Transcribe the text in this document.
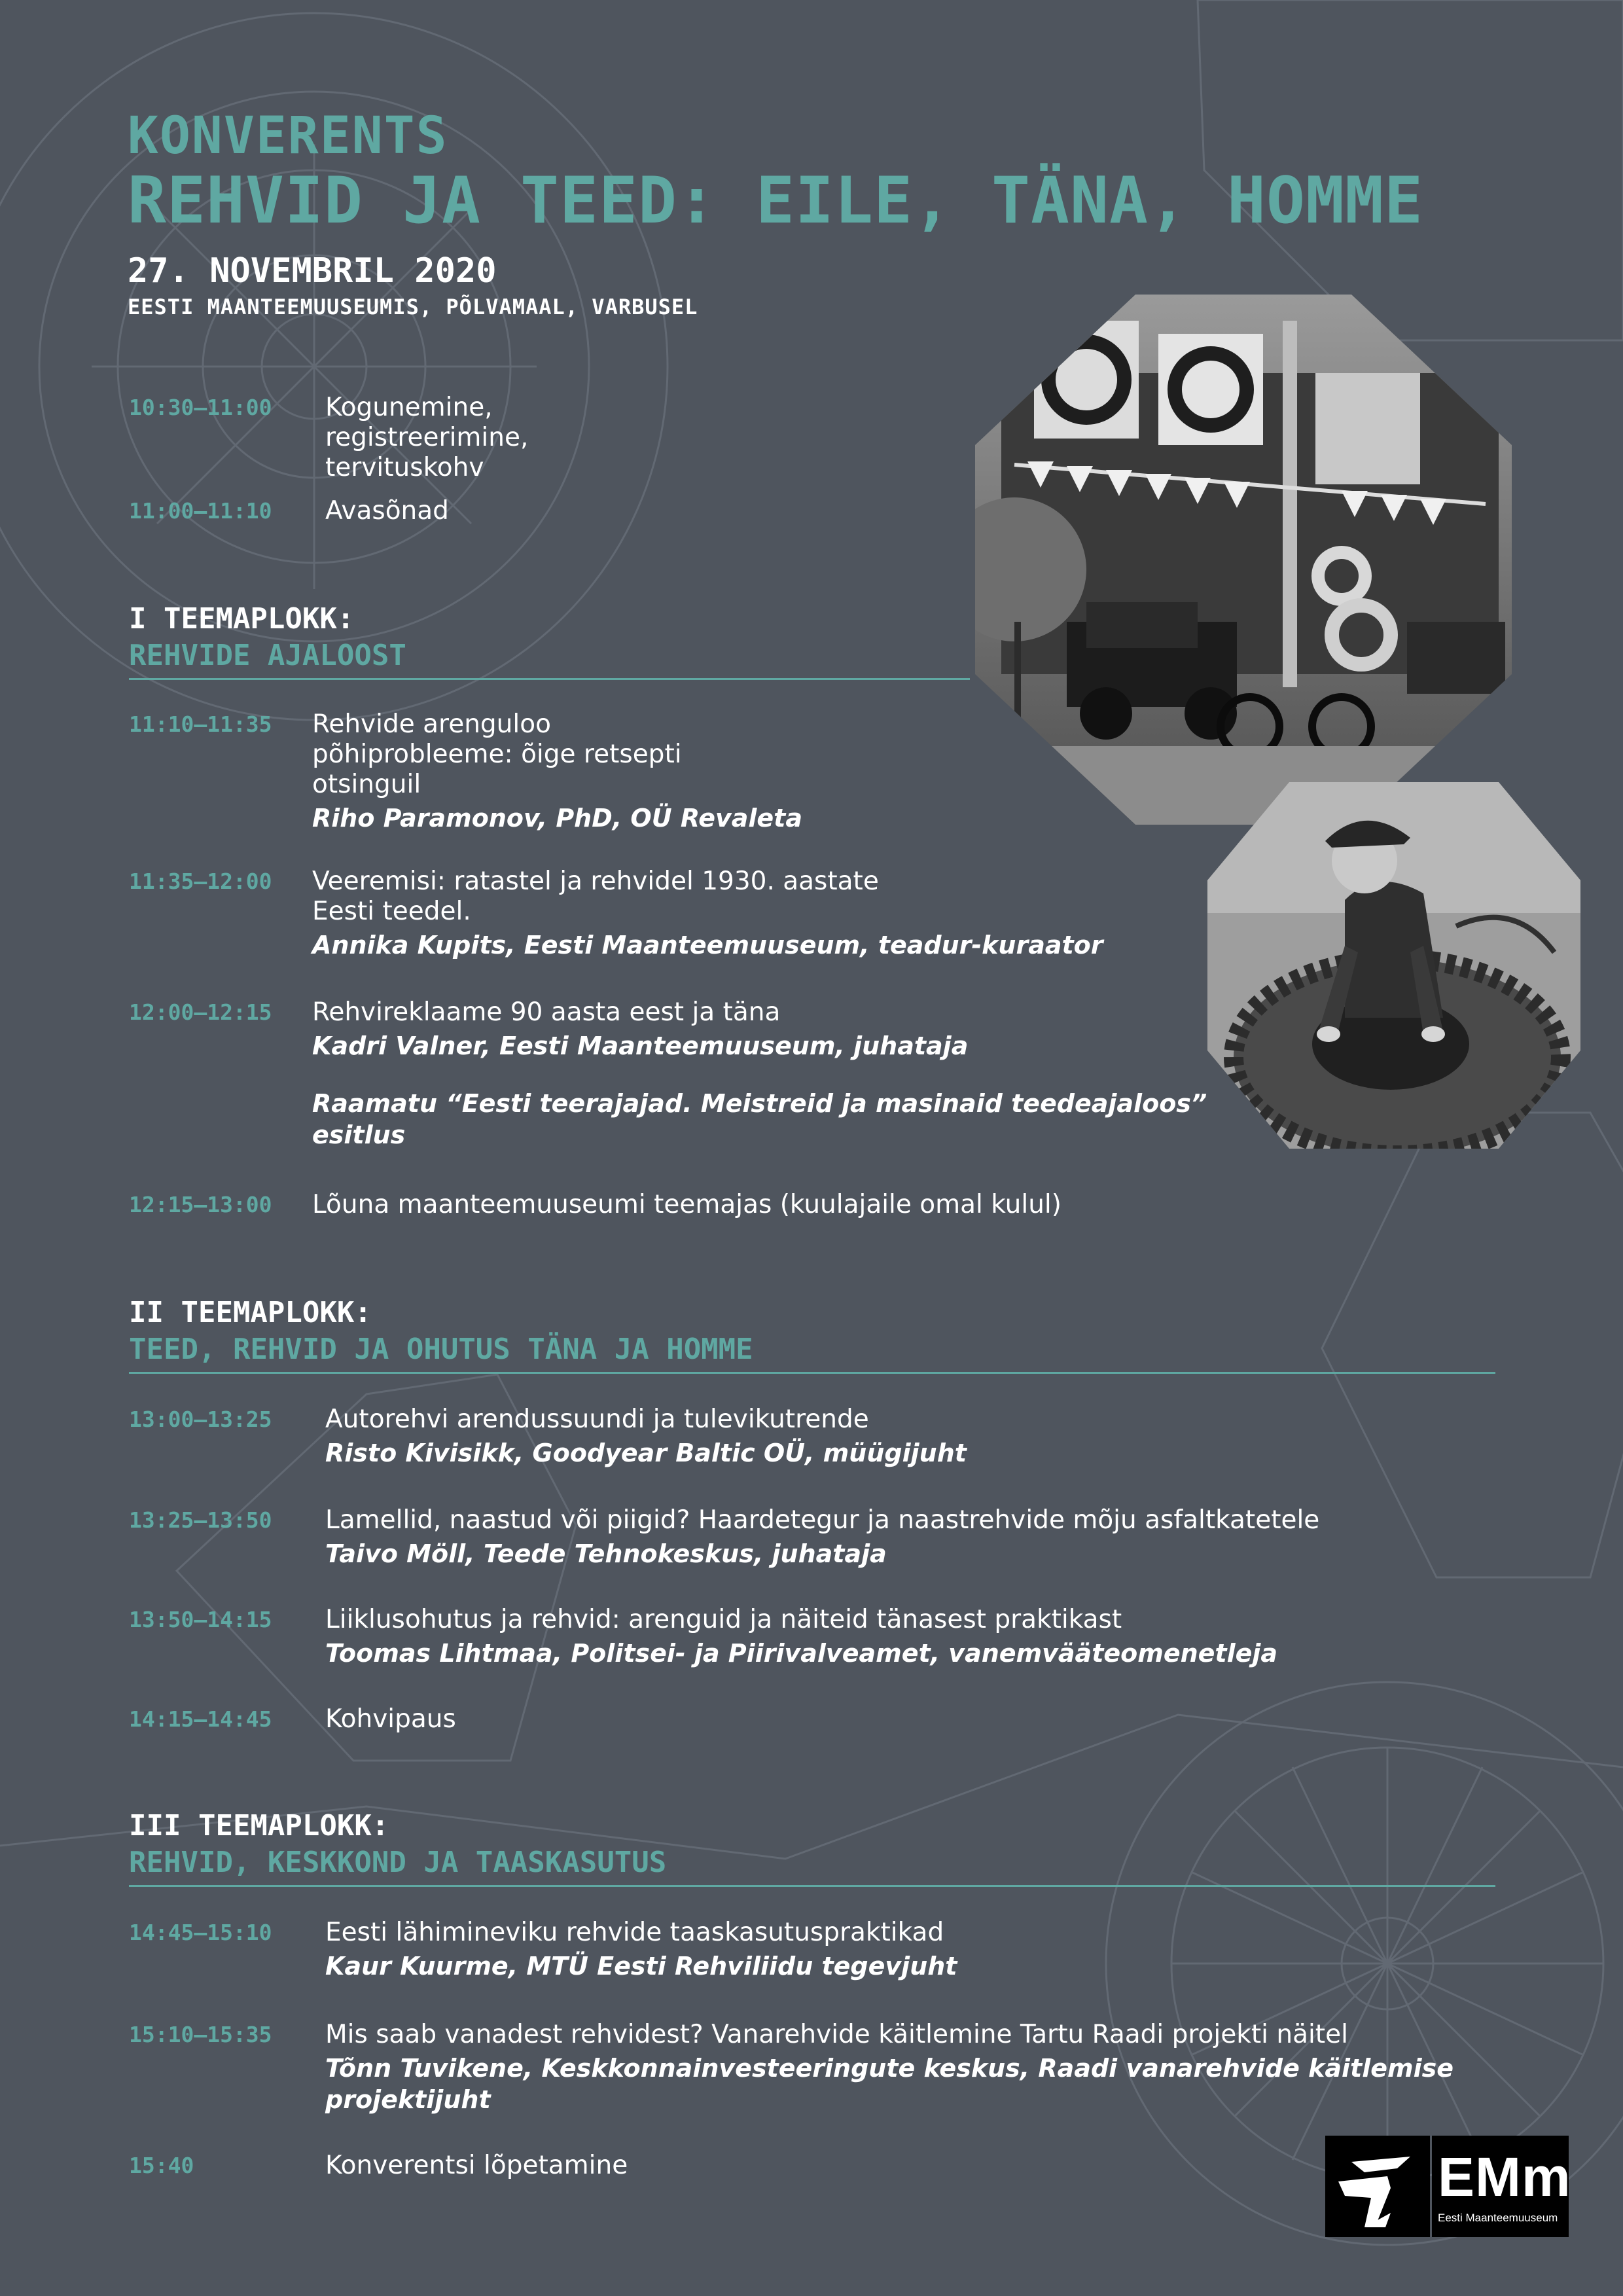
KONVERENTS
REHVID JA TEED: EILE, TÄNA, HOMME
27. NOVEMBRIL 2020
EESTI MAANTEEMUUSEUMIS, PÕLVAMAAL, VARBUSEL
10:30–11:00 Kogunemine,
registreerimine,
tervituskohv
11:00–11:10 Avasõnad
I TEEMAPLOKK:
REHVIDE AJALOOST
11:10–11:35 Rehvide arenguloo
põhiprobleeme: õige retsepti
otsinguil
Riho Paramonov, PhD, OÜ Revaleta
11:35–12:00 Veeremisi: ratastel ja rehvidel 1930. aastate
Eesti teedel.
Annika Kupits, Eesti Maanteemuuseum, teadur-kuraator
12:00–12:15 Rehvireklaame 90 aasta eest ja täna
Kadri Valner, Eesti Maanteemuuseum, juhataja
Raamatu “Eesti teerajajad. Meistreid ja masinaid teedeajaloos”
esitlus
12:15–13:00 Lõuna maanteemuuseumi teemajas (kuulajaile omal kulul)
II TEEMAPLOKK:
TEED, REHVID JA OHUTUS TÄNA JA HOMME
13:00–13:25 Autorehvi arendussuundi ja tulevikutrende
Risto Kivisikk, Goodyear Baltic OÜ, müügijuht
13:25–13:50 Lamellid, naastud või piigid? Haardetegur ja naastrehvide mõju asfaltkatetele
Taivo Möll, Teede Tehnokeskus, juhataja
13:50–14:15 Liiklusohutus ja rehvid: arenguid ja näiteid tänasest praktikast
Toomas Lihtmaa, Politsei- ja Piirivalveamet, vanemvääteomenetleja
14:15–14:45 Kohvipaus
III TEEMAPLOKK:
REHVID, KESKKOND JA TAASKASUTUS
14:45–15:10 Eesti lähimineviku rehvide taaskasutuspraktikad
Kaur Kuurme, MTÜ Eesti Rehviliidu tegevjuht
15:10–15:35 Mis saab vanadest rehvidest? Vanarehvide käitlemine Tartu Raadi projekti näitel
Tõnn Tuvikene, Keskkonnainvesteeringute keskus, Raadi vanarehvide käitlemise
projektijuht
15:40	Konverentsi lõpetamine	EMm
Eesti Maanteemuuseum
